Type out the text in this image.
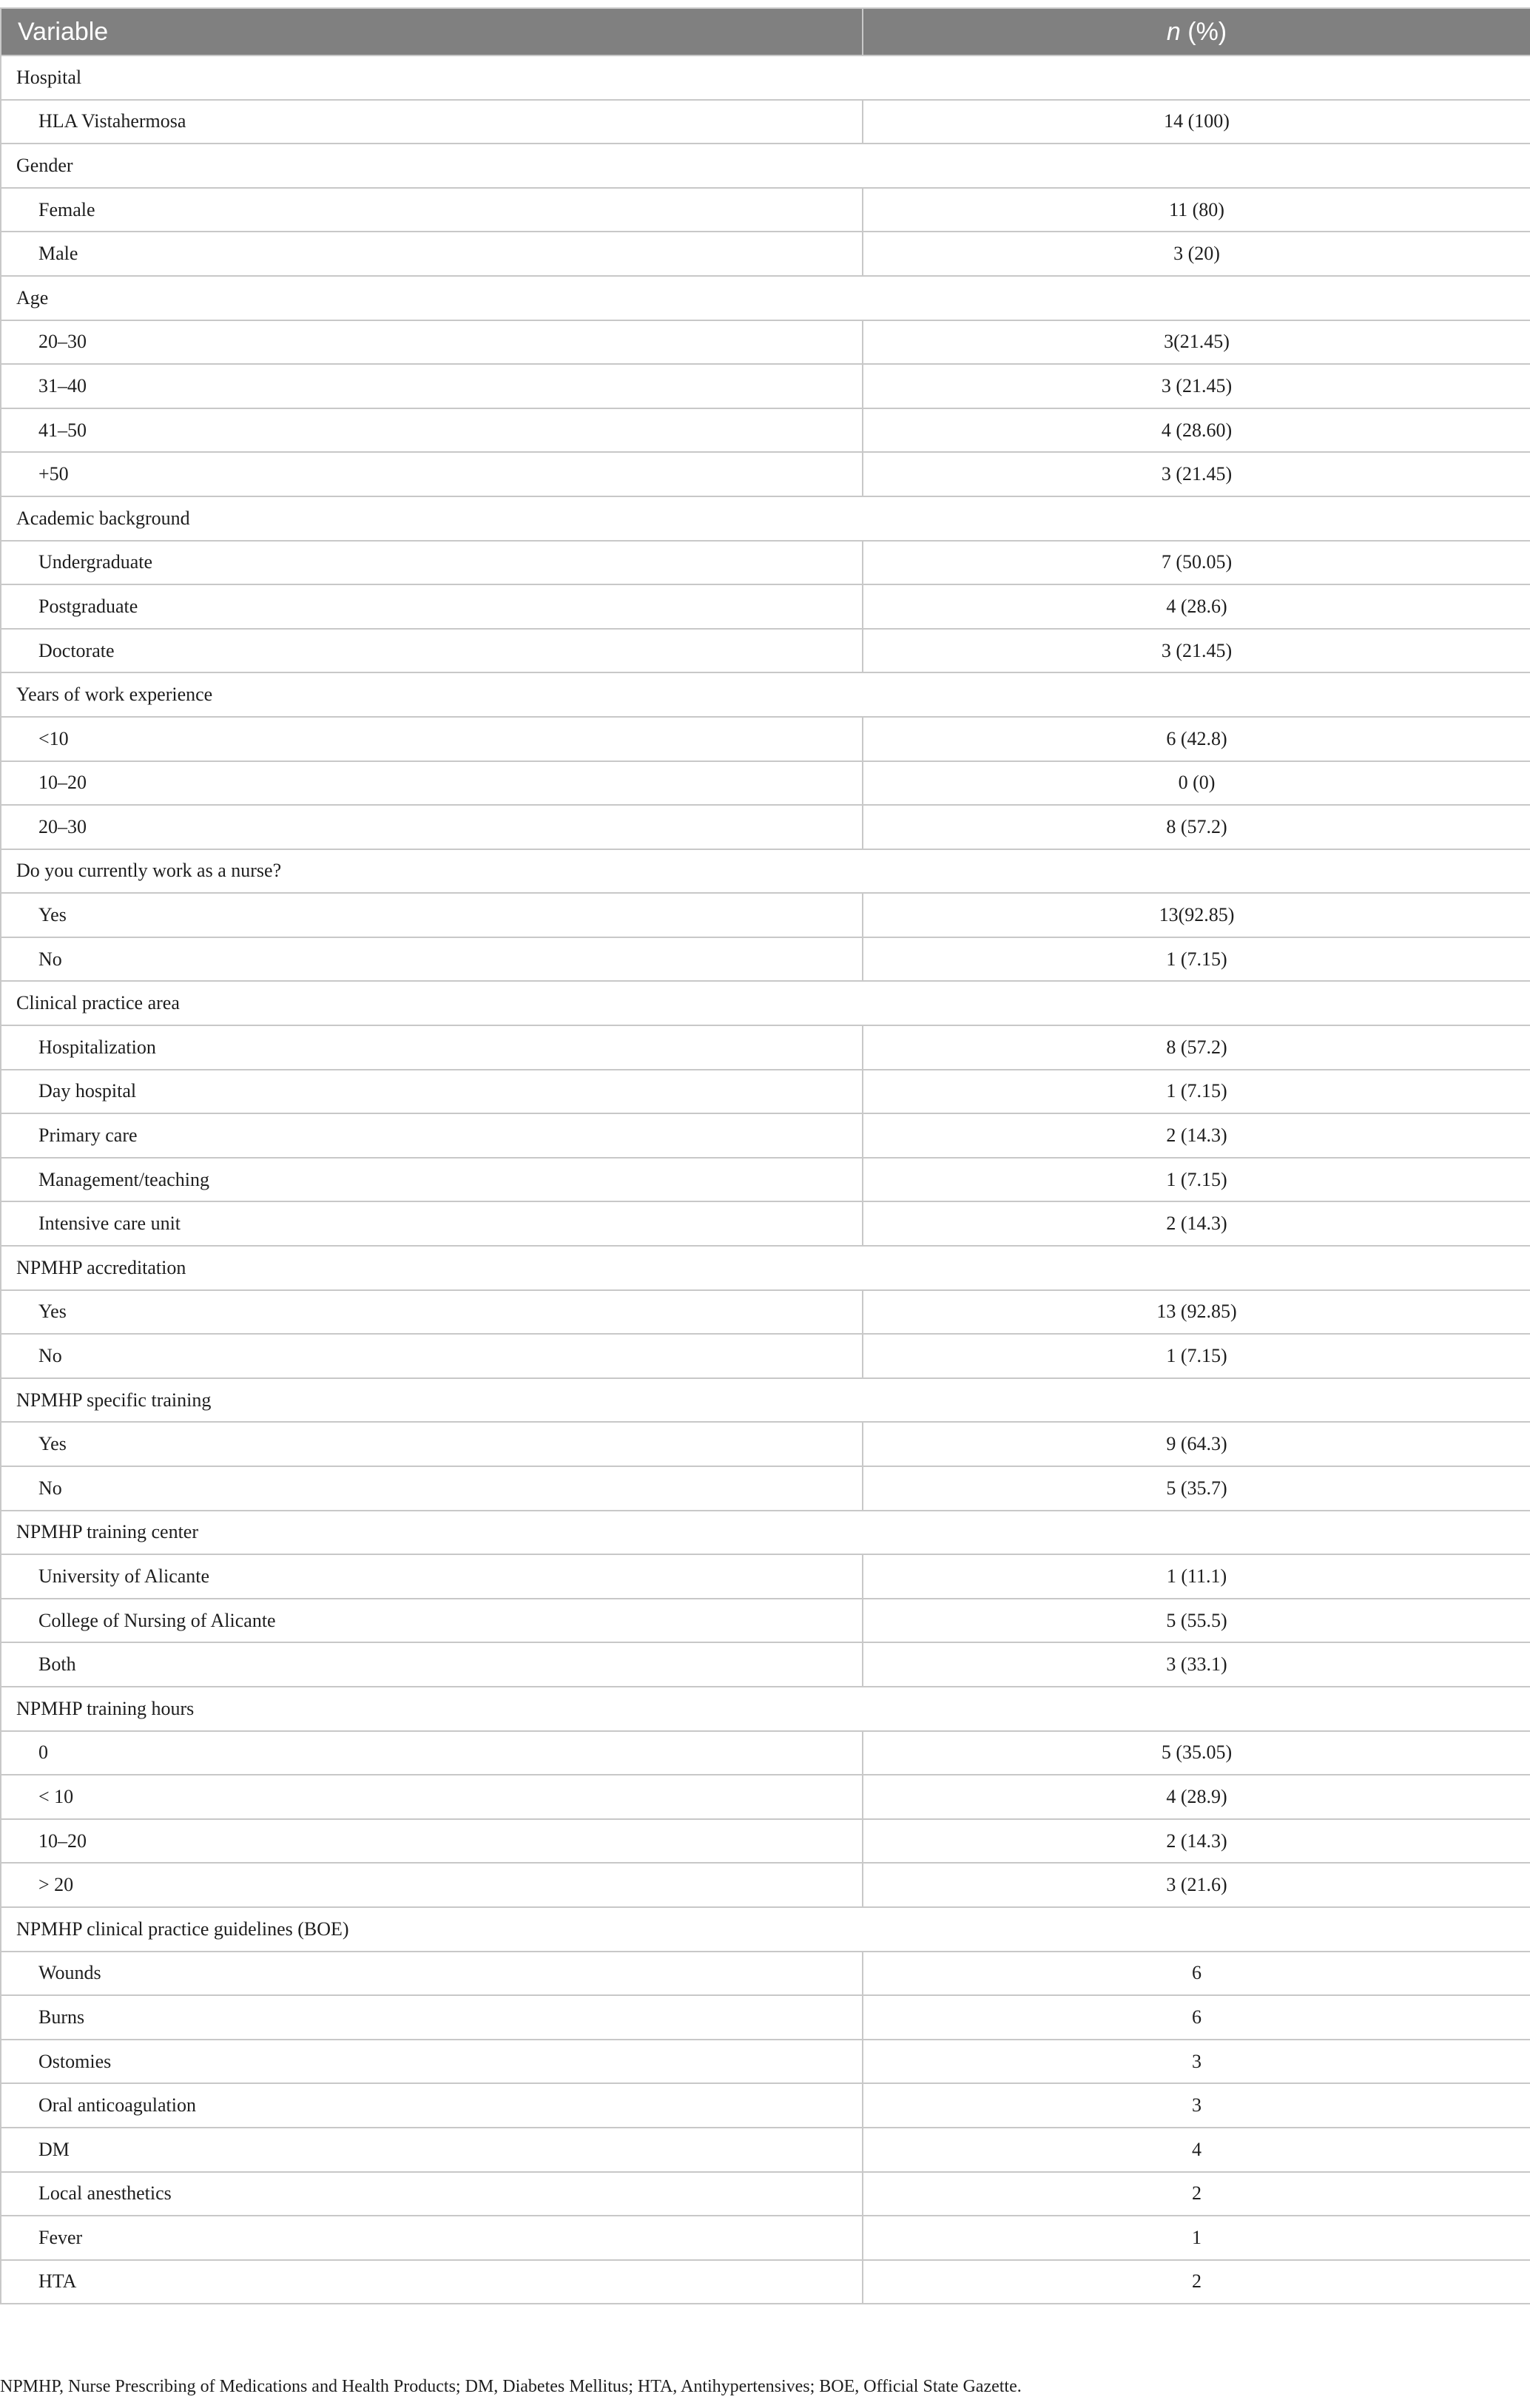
Variable	n (%)
Hospital	
HLA Vistahermosa	14 (100)
Gender	
Female	11 (80)
Male	3 (20)
Age	
20–30	3(21.45)
31–40	3 (21.45)
41–50	4 (28.60)
+50	3 (21.45)
Academic background	
Undergraduate	7 (50.05)
Postgraduate	4 (28.6)
Doctorate	3 (21.45)
Years of work experience	
<10	6 (42.8)
10–20	0 (0)
20–30	8 (57.2)
Do you currently work as a nurse?	
Yes	13(92.85)
No	1 (7.15)
Clinical practice area	
Hospitalization	8 (57.2)
Day hospital	1 (7.15)
Primary care	2 (14.3)
Management/teaching	1 (7.15)
Intensive care unit	2 (14.3)
NPMHP accreditation	
Yes	13 (92.85)
No	1 (7.15)
NPMHP specific training	
Yes	9 (64.3)
No	5 (35.7)
NPMHP training center	
University of Alicante	1 (11.1)
College of Nursing of Alicante	5 (55.5)
Both	3 (33.1)
NPMHP training hours	
0	5 (35.05)
< 10	4 (28.9)
10–20	2 (14.3)
> 20	3 (21.6)
NPMHP clinical practice guidelines (BOE)	
Wounds	6
Burns	6
Ostomies	3
Oral anticoagulation	3
DM	4
Local anesthetics	2
Fever	1
HTA	2
NPMHP, Nurse Prescribing of Medications and Health Products; DM, Diabetes Mellitus; HTA, Antihypertensives; BOE, Official State Gazette.
